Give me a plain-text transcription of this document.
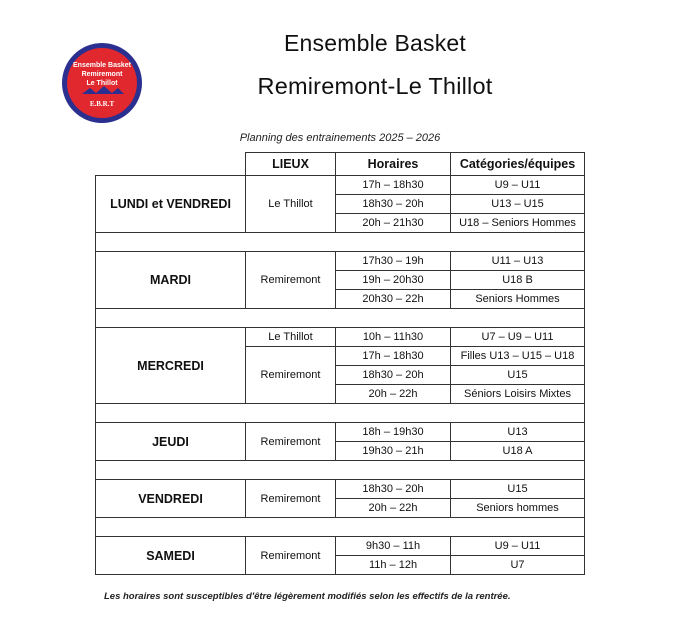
Ensemble Basket
Remiremont
Le Thillot
E.B.R.T
Ensemble Basket
Remiremont-Le Thillot
Planning des entrainements 2025 – 2026
	LIEUX	Horaires	Catégories/équipes
LUNDI et VENDREDI	Le Thillot	17h – 18h30	U9 – U11
		18h30 – 20h	U13 – U15
		20h – 21h30	U18 – Seniors Hommes

MARDI	Remiremont	17h30 – 19h	U11 – U13
		19h – 20h30	U18 B
		20h30 – 22h	Seniors Hommes

MERCREDI	Le Thillot	10h – 11h30	U7 – U9 – U11
	Remiremont	17h – 18h30	Filles U13 – U15 – U18
		18h30 – 20h	U15
		20h – 22h	Séniors Loisirs Mixtes

JEUDI	Remiremont	18h – 19h30	U13
		19h30 – 21h	U18 A

VENDREDI	Remiremont	18h30 – 20h	U15
		20h – 22h	Seniors hommes

SAMEDI	Remiremont	9h30 – 11h	U9 – U11
		11h – 12h	U7
Les horaires sont susceptibles d'être légèrement modifiés selon les effectifs de la rentrée.
